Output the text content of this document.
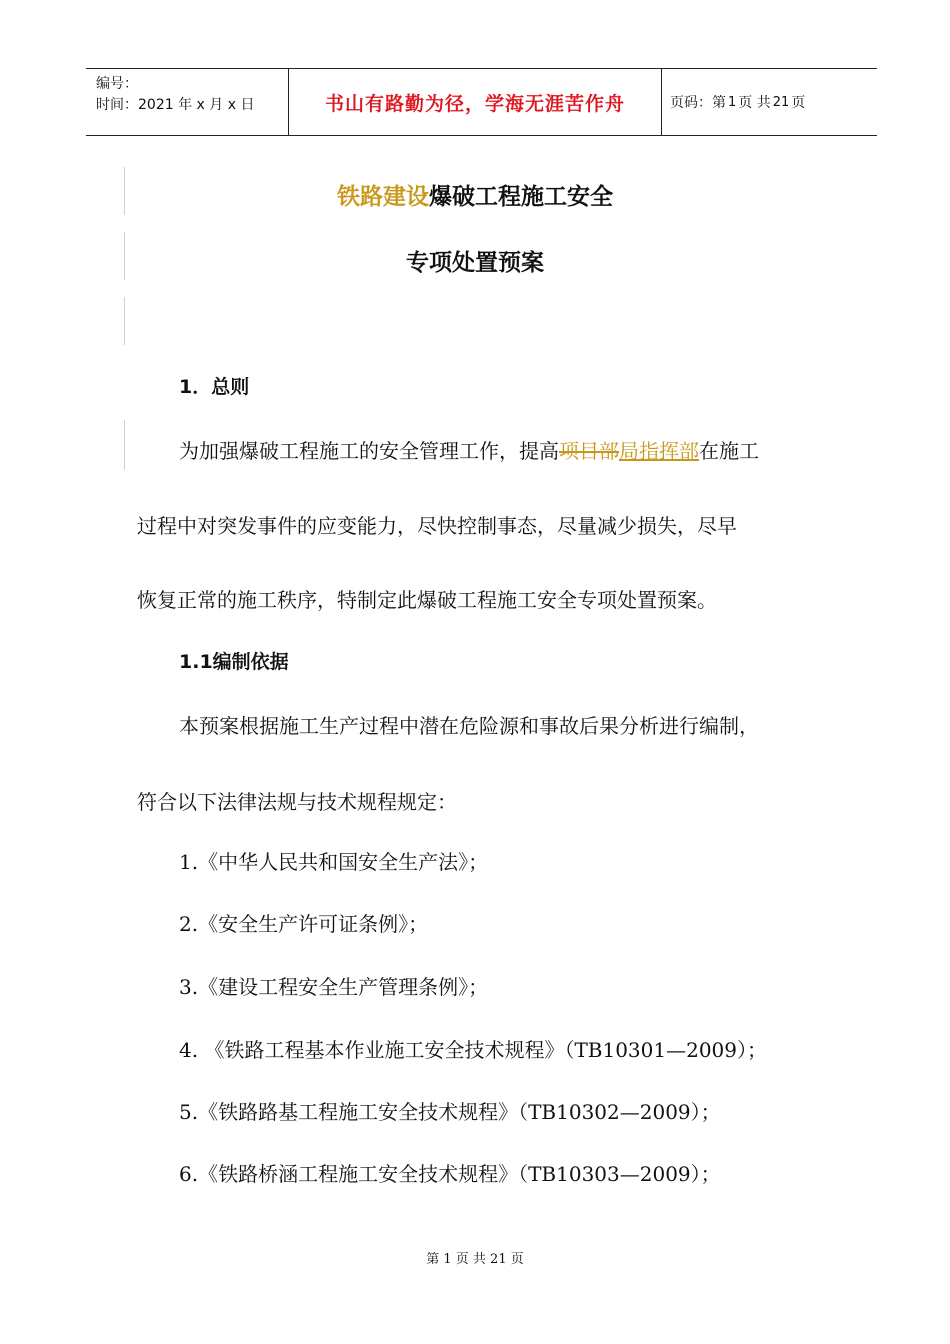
编号：
时间：2021 年 x 月 x 日	书山有路勤为径，学海无涯苦作舟	页码：第 1 页 共 21 页
铁路建设爆破工程施工安全
专项处置预案
1．总则
为加强爆破工程施工的安全管理工作，提高项目部局指挥部在施工
过程中对突发事件的应变能力，尽快控制事态，尽量减少损失，尽早
恢复正常的施工秩序，特制定此爆破工程施工安全专项处置预案。
1.1编制依据
本预案根据施工生产过程中潜在危险源和事故后果分析进行编制，
符合以下法律法规与技术规程规定：
1.《中华人民共和国安全生产法》；
2.《安全生产许可证条例》；
3.《建设工程安全生产管理条例》；
4. 《铁路工程基本作业施工安全技术规程》（TB10301—2009）；
5.《铁路路基工程施工安全技术规程》（TB10302—2009）；
6.《铁路桥涵工程施工安全技术规程》（TB10303—2009）；
第 1 页 共 21 页
